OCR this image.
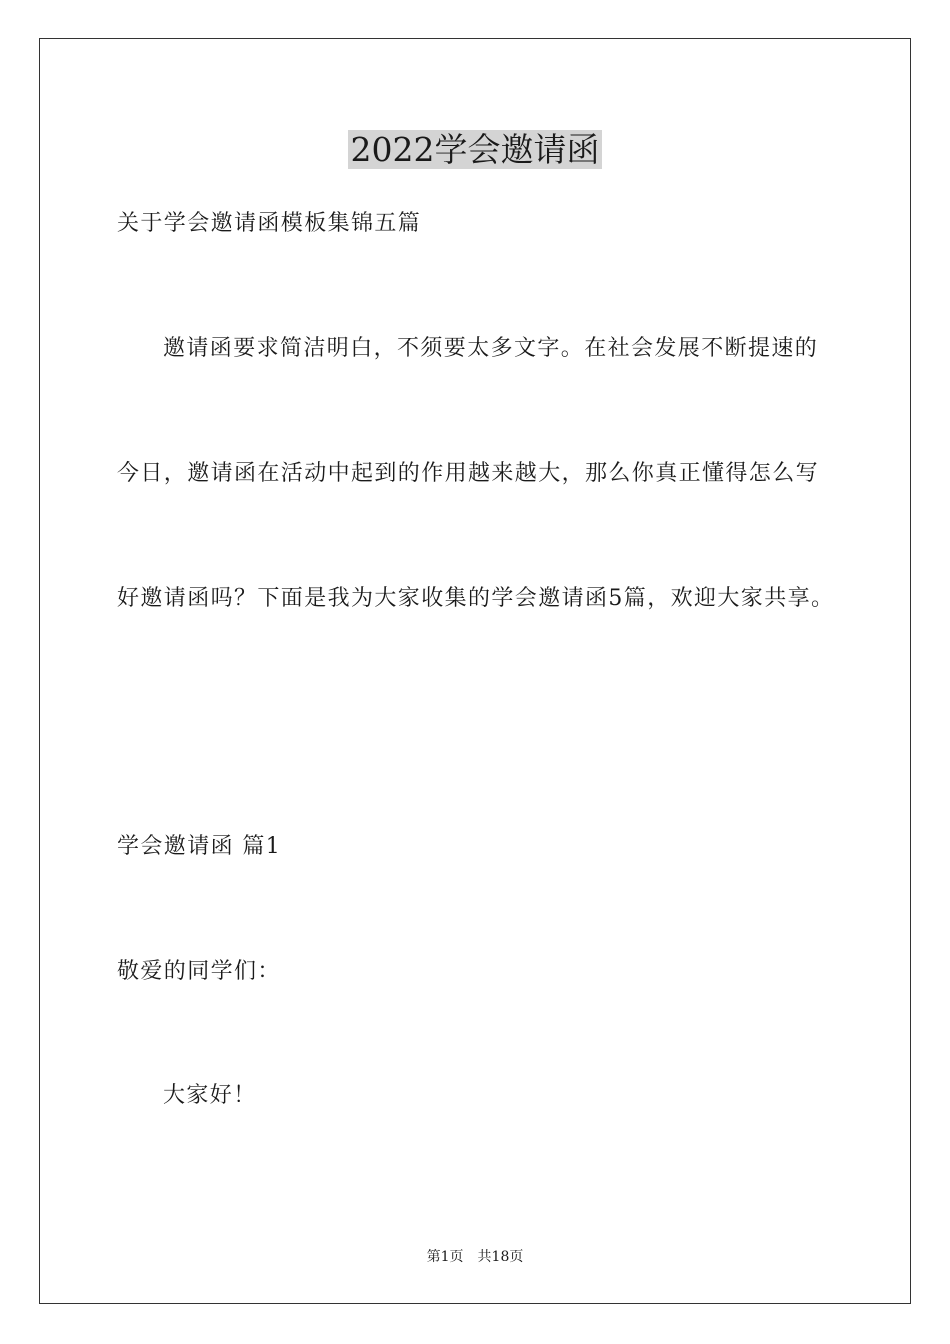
2022学会邀请函
关于学会邀请函模板集锦五篇
邀请函要求简洁明白，不须要太多文字。在社会发展不断提速的
今日，邀请函在活动中起到的作用越来越大，那么你真正懂得怎么写
好邀请函吗？下面是我为大家收集的学会邀请函5篇，欢迎大家共享。
学会邀请函 篇1
敬爱的同学们：
大家好！
第1页 共18页
